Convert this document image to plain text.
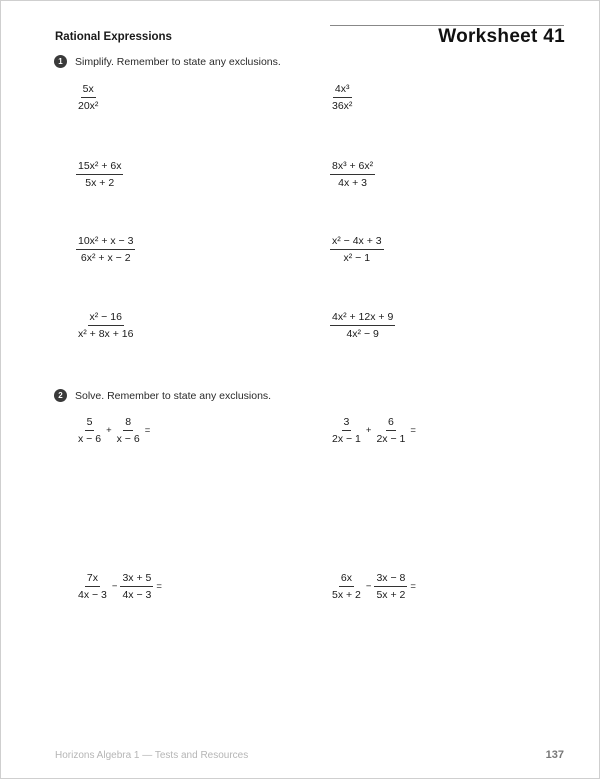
Rational Expressions	Worksheet 41
1	Simplify. Remember to state any exclusions.
$\frac{5x}{\text{20x²}}$	$\frac{\text{4x³}}{\text{36x²}}$
$\frac{\text{15x² + 6x}}{5x + 2}$	$\frac{\text{8x³ + 6x²}}{4x + 3}$
$\frac{\text{10x² + x − 3}}{\text{6x² + x − 2}}$	$\frac{\text{x² − 4x + 3}}{\text{x² − 1}}$
$\frac{\text{x² − 16}}{\text{x² + 8x + 16}}$	$\frac{\text{4x² + 12x + 9}}{\text{4x² − 9}}$
2	Solve. Remember to state any exclusions.
$\frac{5}{x - 6} + \frac{8}{x - 6}$ =	$\frac{3}{2x - 1} + \frac{6}{2x - 1}$ =
$\frac{7x}{4x - 3} - \frac{3x + 5}{4x - 3}$ =	$\frac{6x}{5x + 2} - \frac{3x - 8}{5x + 2}$ =
Horizons Algebra 1 — Tests and Resources	137
